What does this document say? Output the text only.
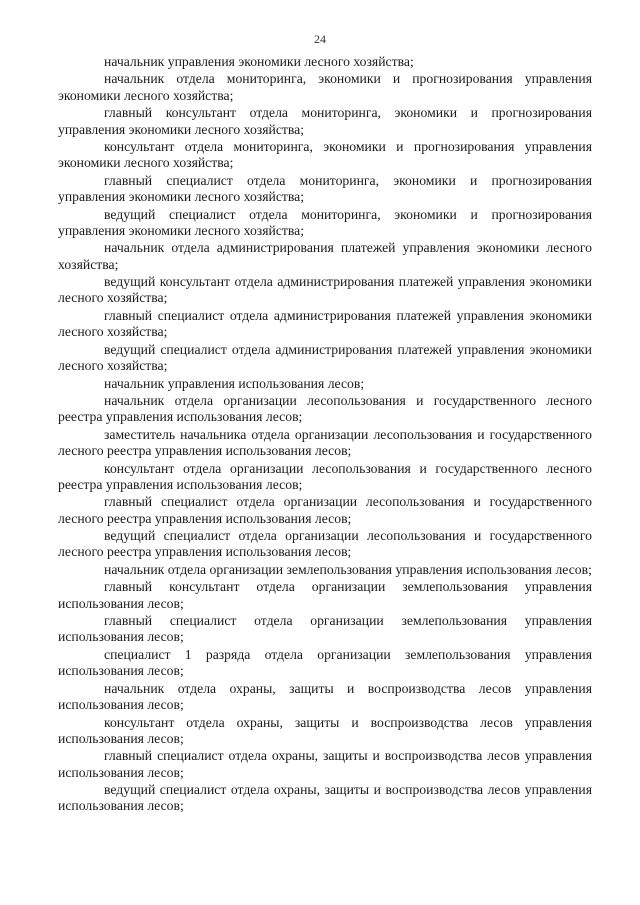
24

начальник управления экономики лесного хозяйства;

начальник отдела мониторинга, экономики и прогнозирования управления экономики лесного хозяйства;

главный консультант отдела мониторинга, экономики и прогнозирования управления экономики лесного хозяйства;

консультант отдела мониторинга, экономики и прогнозирования управления экономики лесного хозяйства;

главный специалист отдела мониторинга, экономики и прогнозирования управления экономики лесного хозяйства;

ведущий специалист отдела мониторинга, экономики и прогнозирования управления экономики лесного хозяйства;

начальник отдела администрирования платежей управления экономики лесного хозяйства;

ведущий консультант отдела администрирования платежей управления экономики лесного хозяйства;

главный специалист отдела администрирования платежей управления экономики лесного хозяйства;

ведущий специалист отдела администрирования платежей управления экономики лесного хозяйства;

начальник управления использования лесов;

начальник отдела организации лесопользования и государственного лесного реестра управления использования лесов;

заместитель начальника отдела организации лесопользования и государственного лесного реестра управления использования лесов;

консультант отдела организации лесопользования и государственного лесного реестра управления использования лесов;

главный специалист отдела организации лесопользования и государственного лесного реестра управления использования лесов;

ведущий специалист отдела организации лесопользования и государственного лесного реестра управления использования лесов;

начальник отдела организации землепользования управления использования лесов;

главный консультант отдела организации землепользования управления использования лесов;

главный специалист отдела организации землепользования управления использования лесов;

специалист 1 разряда отдела организации землепользования управления использования лесов;

начальник отдела охраны, защиты и воспроизводства лесов управления использования лесов;

консультант отдела охраны, защиты и воспроизводства лесов управления использования лесов;

главный специалист отдела охраны, защиты и воспроизводства лесов управления использования лесов;

ведущий специалист отдела охраны, защиты и воспроизводства лесов управления использования лесов;
